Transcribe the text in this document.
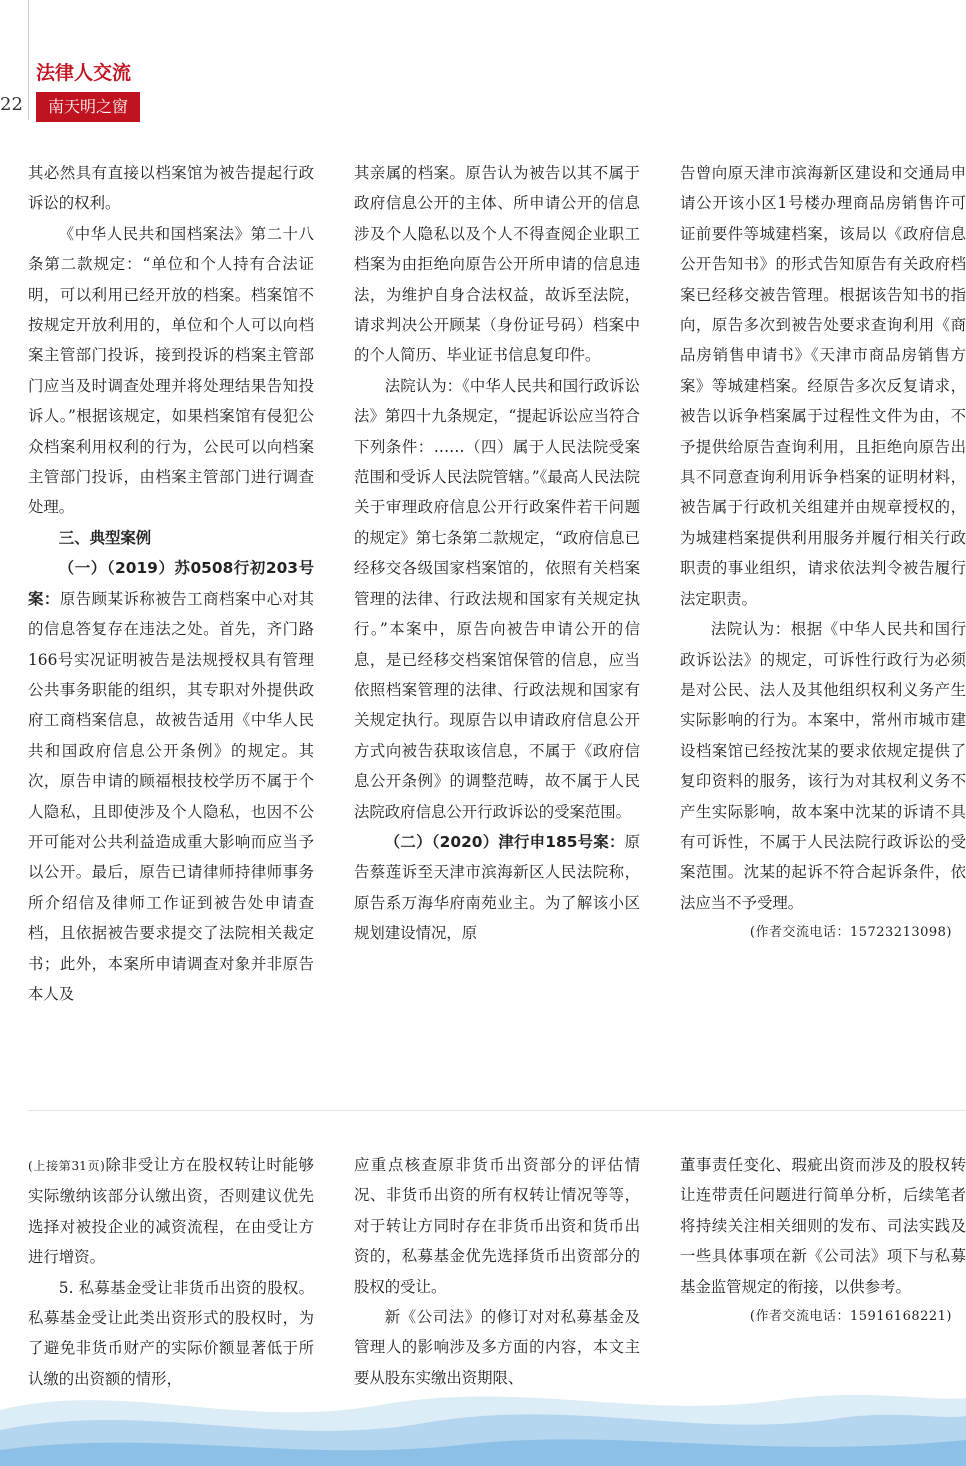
22
法律人交流
南天明之窗

其必然具有直接以档案馆为被告提起行政诉讼的权利。

《中华人民共和国档案法》第二十八条第二款规定：“单位和个人持有合法证明，可以利用已经开放的档案。档案馆不按规定开放利用的，单位和个人可以向档案主管部门投诉，接到投诉的档案主管部门应当及时调查处理并将处理结果告知投诉人。”根据该规定，如果档案馆有侵犯公众档案利用权利的行为，公民可以向档案主管部门投诉，由档案主管部门进行调查处理。

三、典型案例

（一）（2019）苏0508行初203号案：原告顾某诉称被告工商档案中心对其的信息答复存在违法之处。首先，齐门路166号实况证明被告是法规授权具有管理公共事务职能的组织，其专职对外提供政府工商档案信息，故被告适用《中华人民共和国政府信息公开条例》的规定。其次，原告申请的顾福根技校学历不属于个人隐私，且即使涉及个人隐私，也因不公开可能对公共利益造成重大影响而应当予以公开。最后，原告已请律师持律师事务所介绍信及律师工作证到被告处申请查档，且依据被告要求提交了法院相关裁定书；此外，本案所申请调查对象并非原告本人及

其亲属的档案。原告认为被告以其不属于政府信息公开的主体、所申请公开的信息涉及个人隐私以及个人不得查阅企业职工档案为由拒绝向原告公开所申请的信息违法，为维护自身合法权益，故诉至法院，请求判决公开顾某（身份证号码）档案中的个人简历、毕业证书信息复印件。

法院认为：《中华人民共和国行政诉讼法》第四十九条规定，“提起诉讼应当符合下列条件：……（四）属于人民法院受案范围和受诉人民法院管辖。”《最高人民法院关于审理政府信息公开行政案件若干问题的规定》第七条第二款规定，“政府信息已经移交各级国家档案馆的，依照有关档案管理的法律、行政法规和国家有关规定执行。”本案中，原告向被告申请公开的信息，是已经移交档案馆保管的信息，应当依照档案管理的法律、行政法规和国家有关规定执行。现原告以申请政府信息公开方式向被告获取该信息，不属于《政府信息公开条例》的调整范畴，故不属于人民法院政府信息公开行政诉讼的受案范围。

（二）（2020）津行申185号案：原告蔡莲诉至天津市滨海新区人民法院称，原告系万海华府南苑业主。为了解该小区规划建设情况，原

告曾向原天津市滨海新区建设和交通局申请公开该小区1号楼办理商品房销售许可证前要件等城建档案，该局以《政府信息公开告知书》的形式告知原告有关政府档案已经移交被告管理。根据该告知书的指向，原告多次到被告处要求查询利用《商品房销售申请书》《天津市商品房销售方案》等城建档案。经原告多次反复请求，被告以诉争档案属于过程性文件为由，不予提供给原告查询利用，且拒绝向原告出具不同意查询利用诉争档案的证明材料，被告属于行政机关组建并由规章授权的，为城建档案提供利用服务并履行相关行政职责的事业组织，请求依法判令被告履行法定职责。

法院认为：根据《中华人民共和国行政诉讼法》的规定，可诉性行政行为必须是对公民、法人及其他组织权利义务产生实际影响的行为。本案中，常州市城市建设档案馆已经按沈某的要求依规定提供了复印资料的服务，该行为对其权利义务不产生实际影响，故本案中沈某的诉请不具有可诉性，不属于人民法院行政诉讼的受案范围。沈某的起诉不符合起诉条件，依法应当不予受理。

(作者交流电话：15723213098)

(上接第31页)除非受让方在股权转让时能够实际缴纳该部分认缴出资，否则建议优先选择对被投企业的减资流程，在由受让方进行增资。

5. 私募基金受让非货币出资的股权。私募基金受让此类出资形式的股权时，为了避免非货币财产的实际价额显著低于所认缴的出资额的情形，

应重点核查原非货币出资部分的评估情况、非货币出资的所有权转让情况等等，对于转让方同时存在非货币出资和货币出资的，私募基金优先选择货币出资部分的股权的受让。

新《公司法》的修订对对私募基金及管理人的影响涉及多方面的内容，本文主要从股东实缴出资期限、

董事责任变化、瑕疵出资而涉及的股权转让连带责任问题进行简单分析，后续笔者将持续关注相关细则的发布、司法实践及一些具体事项在新《公司法》项下与私募基金监管规定的衔接，以供参考。

(作者交流电话：15916168221)
